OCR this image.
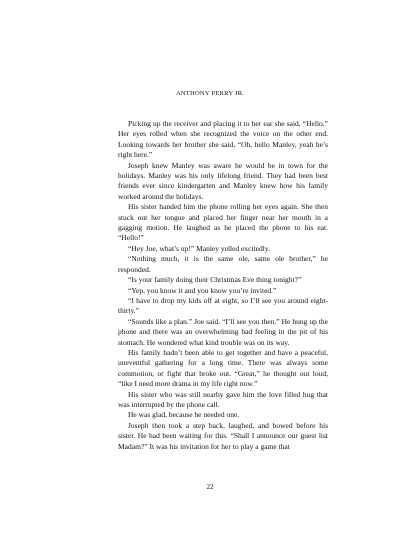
ANTHONY PERRY JR.

Picking up the receiver and placing it to her ear she said, “Hello.” Her eyes rolled when she recognized the voice on the other end. Looking towards her brother she said, “Oh, hello Manley, yeah he’s right here.”

Joseph knew Manley was aware he would be in town for the holidays. Manley was his only lifelong friend. They had been best friends ever since kindergarten and Manley knew how his family worked around the holidays.

His sister handed him the phone rolling her eyes again. She then stuck out her tongue and placed her finger near her mouth in a gagging motion. He laughed as he placed the phone to his ear. “Hello!”

“Hey Joe, what’s up!” Manley yelled excitedly.

“Nothing much, it is the same ole, same ole brother,” he responded.

“Is your family doing their Christmas Eve thing tonight?”

“Yep, you know it and you know you’re invited.”

“I have to drop my kids off at eight, so I’ll see you around eight-thirty.”

“Sounds like a plan.” Joe said. “I’ll see you then.” He hung up the phone and there was an overwhelming bad feeling in the pit of his stomach. He wondered what kind trouble was on its way.

His family hadn’t been able to get together and have a peaceful, uneventful gathering for a long time. There was always some commotion, or fight that broke out. “Great,” he thought out loud, “like I need more drama in my life right now.”

His sister who was still nearby gave him the love filled hug that was interrupted by the phone call.

He was glad, because he needed one.

Joseph then took a step back, laughed, and bowed before his sister. He had been waiting for this. “Shall I announce our guest list Madam?” It was his invitation for her to play a game that

22
